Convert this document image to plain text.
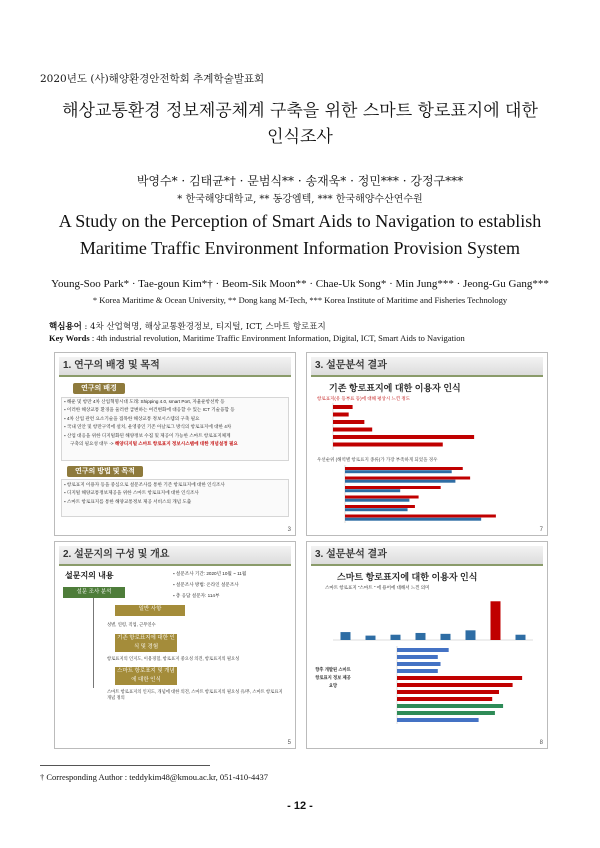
2020년도 (사)해양환경안전학회 추계학술발표회
해상교통환경 정보제공체계 구축을 위한 스마트 항로표지에 대한
인식조사
박영수* · 김태균*† · 문범식** · 송재욱* · 정민*** · 강정구***
* 한국해양대학교, ** 동강엠텍, *** 한국해양수산연수원
A Study on the Perception of Smart Aids to Navigation to establish
Maritime Traffic Environment Information Provision System
Young-Soo Park* · Tae-goun Kim*† · Beom-Sik Moon** · Chae-Uk Song* · Min Jung*** · Jeong-Gu Gang***
* Korea Maritime & Ocean University, ** Dong kang M-Tech, *** Korea Institute of Maritime and Fisheries Technology
핵심용어 : 4차 산업혁명, 해상교통환경정보, 티지털, ICT, 스마트 항로표지
Key Words : 4th industrial revolution, Maritime Traffic Environment Information, Digital, ICT, Smart Aids to Navigation
1. 연구의 배경 및 목적
연구의 배경
▪ 해운 및 항만 4차 산업혁명시대 도래: Shipping 4.0, smart Port, 자율운항선박 등
▪ 이러한 해상교통 환경을 둘러싼 급변하는 여건변화에 대응할 수 있는 ICT 기술융합 등
▪ 4차 산업 관련 요소기술을 접목한 해상교통 정보시스템의 구축 필요
▪ 국내 연안 및 항만구역에 설치, 운영중인 기존 아날로그 방식의 항로표지에 대한 4차
▪ 산업 대응을 위한 디지털화된 해양정보 수집 및 제공이 가능한 스마트 항로표지체계
구축의 필요성 대두 -> 해양디지털 스마트 항로표지 정보시스템에 대한 개념설정 필요
연구의 방법 및 목적
▪ 항로표지 이용자 등을 중심으로 설문조사를 통한 기존 항로표지에 대한 인식조사
▪ 디지털 해양교통정보제공을 위한 스마트 항로표지에 대한 인식조사
▪ 스마트 항로표지를 통한 해양교통정보 제공 서비스의 개념 도출
3
3. 설문분석 결과
기존 항로표지에 대한 이용자 인식
항로표지(유 등부표 등)에 대해 평상시 느낀 정도
우선순위 (해역별 항로표지 종류)가 가장 부족하게 되었을 경우
7
2. 설문지의 구성 및 개요
설문지의 내용
▪	설문조사 기간: 2020년 10월 ~ 11월
▪ 설문조사 방법: 온라인 설문조사
▪ 총 응답 설문자: 114부
설문 조사 분석
일반 사항
성별, 연령, 직업, 근무연수
기존 항로표지에 대한 인식 및 경험
항로표지의 인지도, 이용경험, 항로표지 중요성 의견, 항로표지의 필요성
스마트 항로표지 및 개념에 대한 인식
스마트 항로표지의 인지도, 개념에 대한 의견, 스마트 항로표지의 필요성 유/무, 스마트 항로표지 개념 정의
5
3. 설문분석 결과
스마트 항로표지에 대한 이용자 인식
스마트 항로표지 "스마트 " 에 용어에 대해서 느낀 의미
향후 개발된 스마트 항로표지 정보 제공 요망
8
† Corresponding Author : teddykim48@kmou.ac.kr, 051-410-4437
- 12 -
